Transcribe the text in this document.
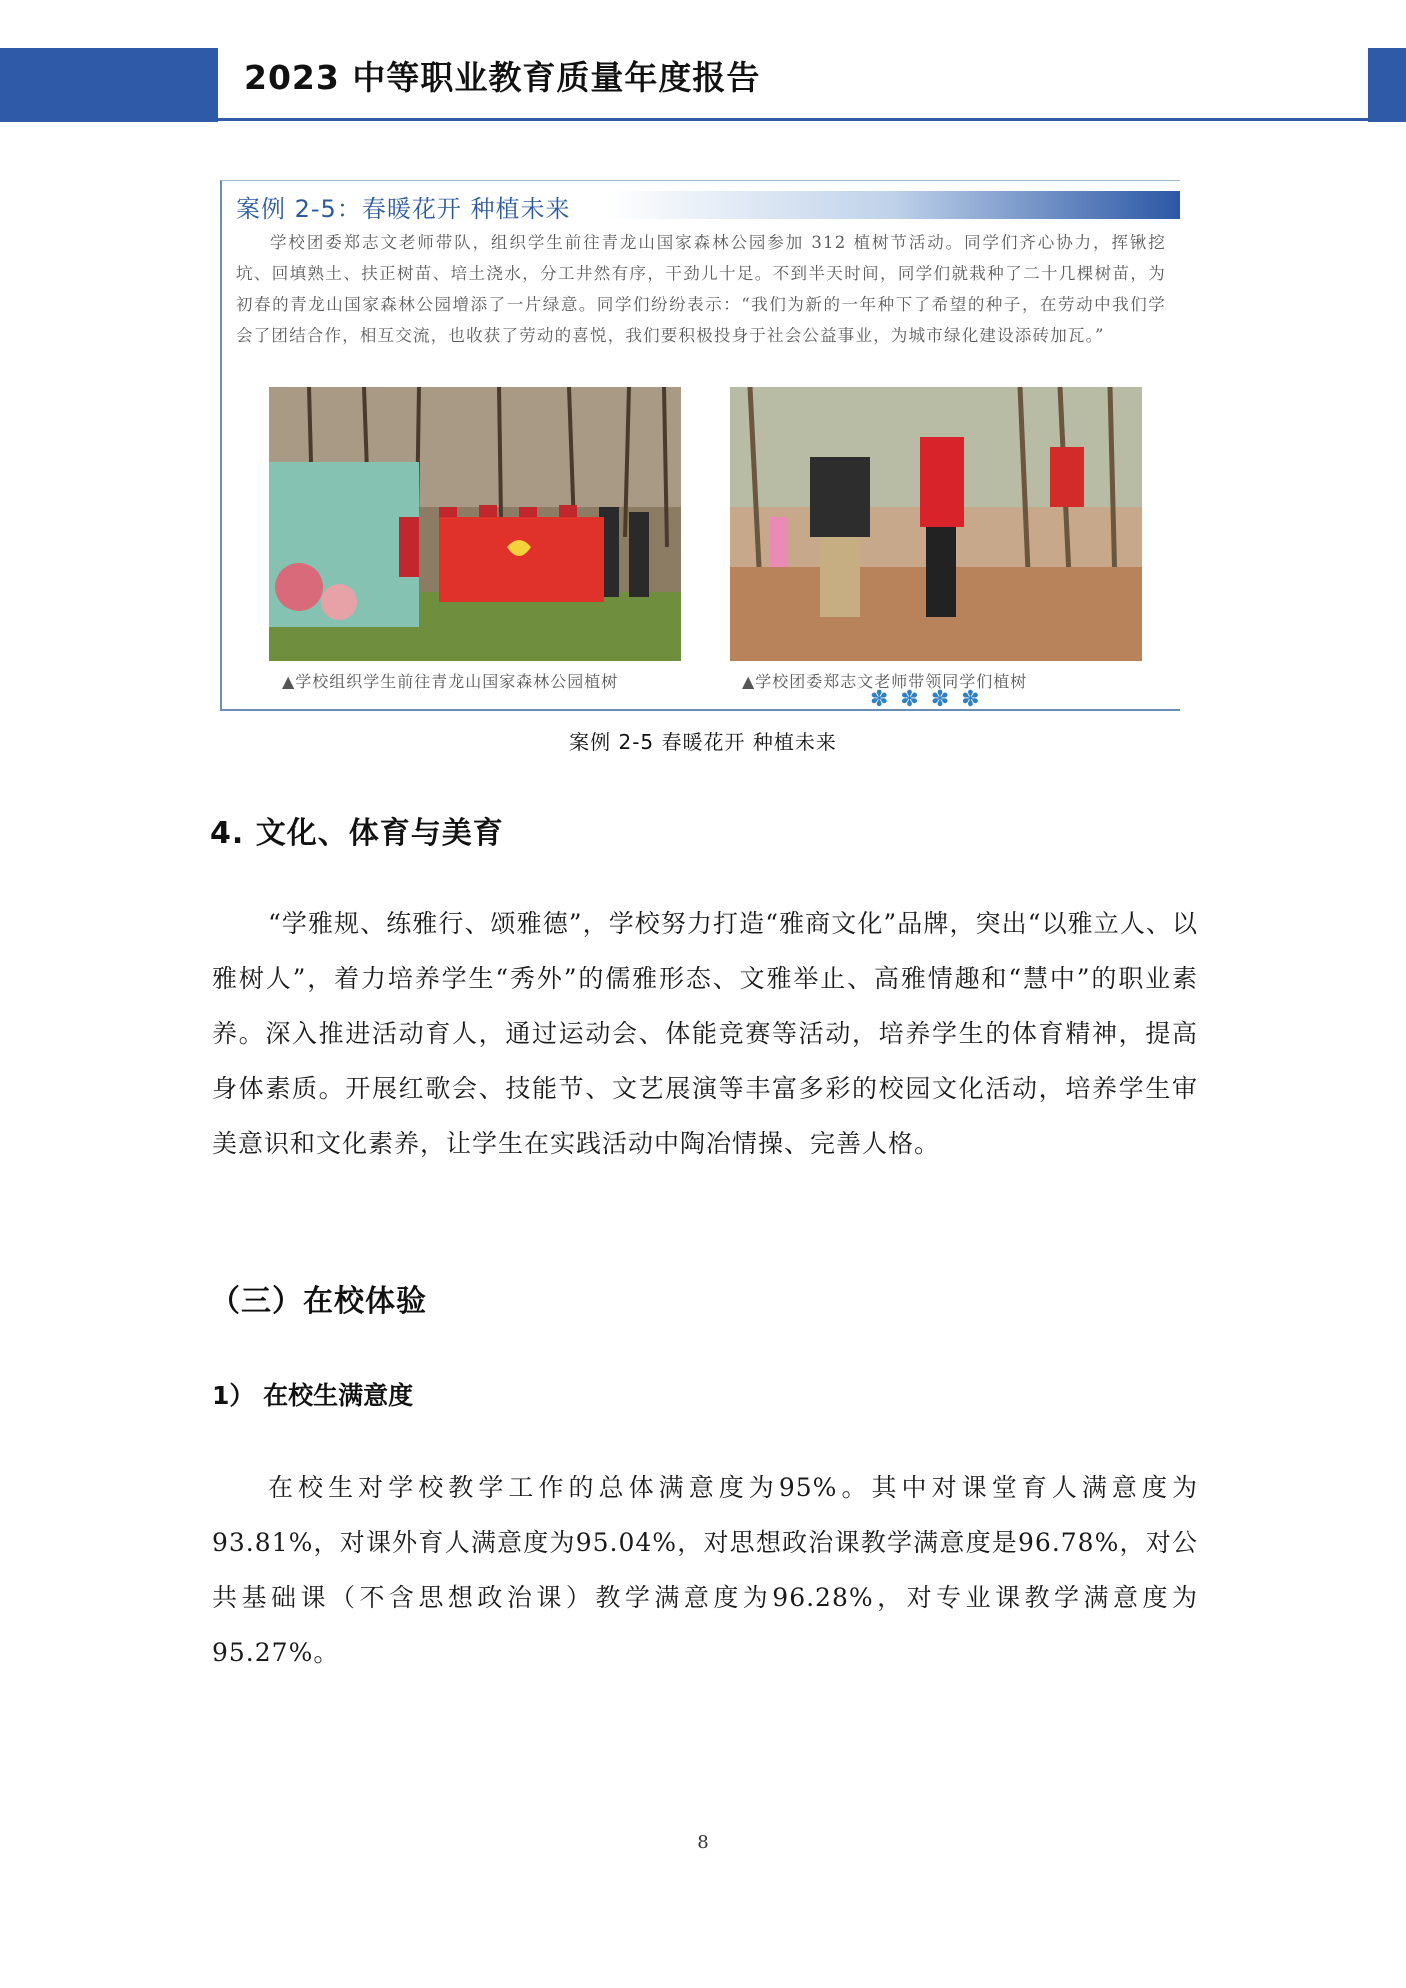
2023 中等职业教育质量年度报告
案例 2-5：春暖花开 种植未来
学校团委郑志文老师带队，组织学生前往青龙山国家森林公园参加 312 植树节活动。同学们齐心协力，挥锹挖坑、回填熟土、扶正树苗、培土浇水，分工井然有序，干劲儿十足。不到半天时间，同学们就栽种了二十几棵树苗，为初春的青龙山国家森林公园增添了一片绿意。同学们纷纷表示：“我们为新的一年种下了希望的种子，在劳动中我们学会了团结合作，相互交流，也收获了劳动的喜悦，我们要积极投身于社会公益事业，为城市绿化建设添砖加瓦。”
▲学校组织学生前往青龙山国家森林公园植树	▲学校团委郑志文老师带领同学们植树
✽✽✽✽
案例 2-5 春暖花开 种植未来
4. 文化、体育与美育
“学雅规、练雅行、颂雅德”，学校努力打造“雅商文化”品牌，突出“以雅立人、以雅树人”，着力培养学生“秀外”的儒雅形态、文雅举止、高雅情趣和“慧中”的职业素养。深入推进活动育人，通过运动会、体能竞赛等活动，培养学生的体育精神，提高身体素质。开展红歌会、技能节、文艺展演等丰富多彩的校园文化活动，培养学生审美意识和文化素养，让学生在实践活动中陶冶情操、完善人格。
（三）在校体验
1） 在校生满意度
在校生对学校教学工作的总体满意度为95%。其中对课堂育人满意度为93.81%，对课外育人满意度为95.04%，对思想政治课教学满意度是96.78%，对公共基础课（不含思想政治课）教学满意度为96.28%，对专业课教学满意度为95.27%。
8
